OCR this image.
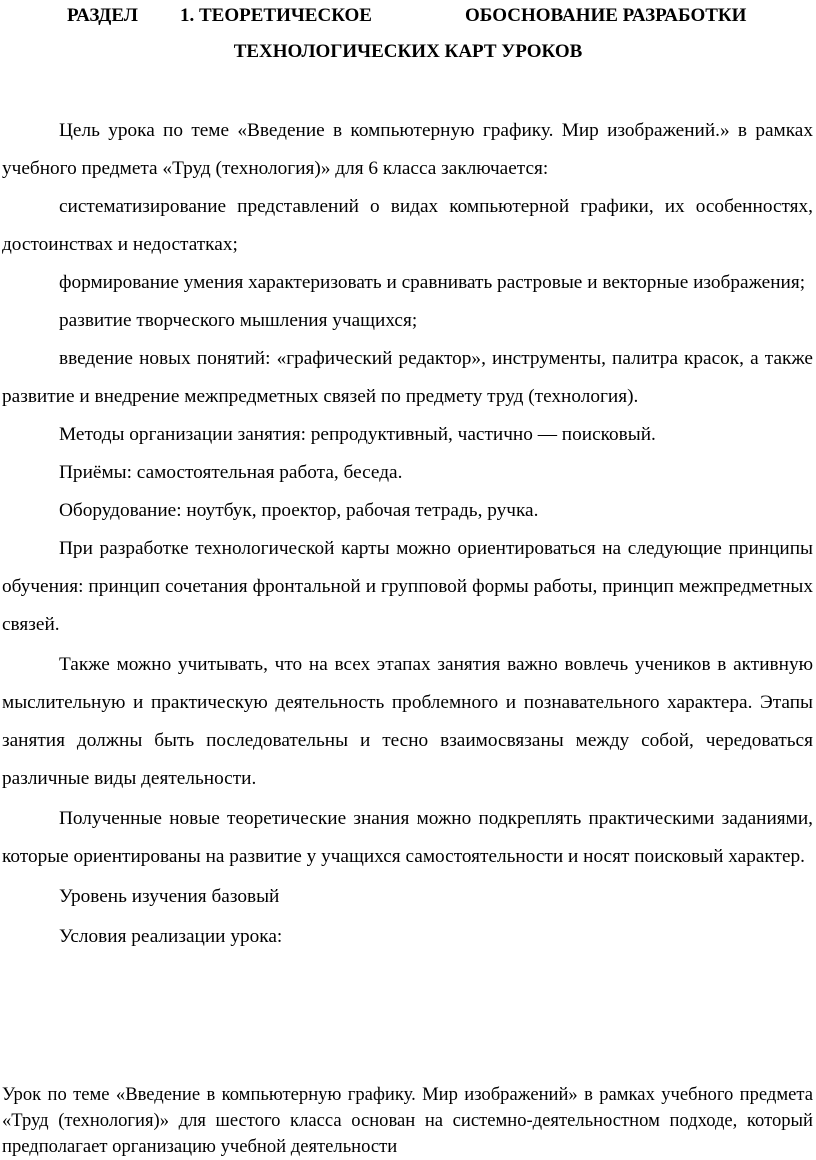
РАЗДЕЛ 1. ТЕОРЕТИЧЕСКОЕ	ОБОСНОВАНИЕ РАЗРАБОТКИ
ТЕХНОЛОГИЧЕСКИХ КАРТ УРОКОВ

Цель урока по теме «Введение в компьютерную графику. Мир изображений.» в рамках учебного предмета «Труд (технология)» для 6 класса заключается:

систематизирование представлений о видах компьютерной графики, их особенностях, достоинствах и недостатках;

формирование умения характеризовать и сравнивать растровые и векторные изображения;

развитие творческого мышления учащихся;

введение новых понятий: «графический редактор», инструменты, палитра красок, а также развитие и внедрение межпредметных связей по предмету труд (технология).

Методы организации занятия: репродуктивный, частично — поисковый.

Приёмы: самостоятельная работа, беседа.

Оборудование: ноутбук, проектор, рабочая тетрадь, ручка.

При разработке технологической карты можно ориентироваться на следующие принципы обучения: принцип сочетания фронтальной и групповой формы работы, принцип межпредметных связей.

Также можно учитывать, что на всех этапах занятия важно вовлечь учеников в активную мыслительную и практическую деятельность проблемного и познавательного характера. Этапы занятия должны быть последовательны и тесно взаимосвязаны между собой, чередоваться различные виды деятельности.

Полученные новые теоретические знания можно подкреплять практическими заданиями, которые ориентированы на развитие у учащихся самостоятельности и носят поисковый характер.

Уровень изучения базовый

Условия реализации урока:

Урок по теме «Введение в компьютерную графику. Мир изображений» в рамках учебного предмета «Труд (технология)» для шестого класса основан на системно-деятельностном подходе, который предполагает организацию учебной деятельности
